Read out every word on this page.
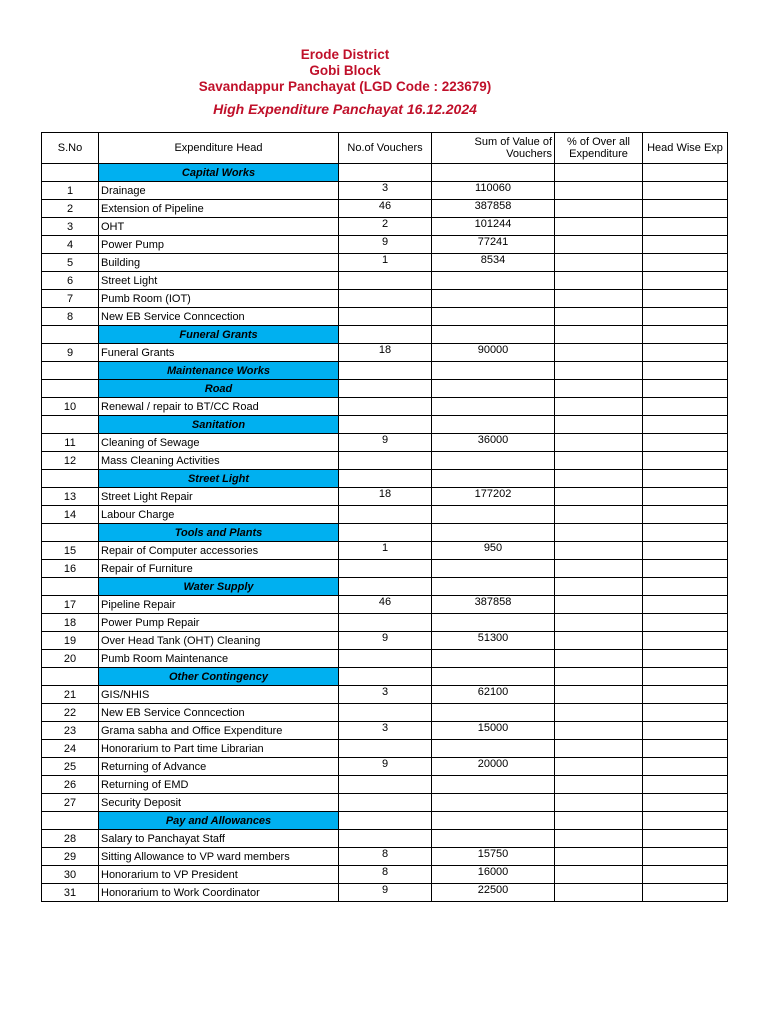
Erode District
Gobi Block
Savandappur Panchayat (LGD Code : 223679)
High Expenditure Panchayat 16.12.2024
S.No	Expenditure Head	No.of Vouchers	Sum of Value of Vouchers	% of Over all Expenditure	Head Wise Exp
	Capital Works				
1	Drainage	3	110060		
2	Extension of Pipeline	46	387858		
3	OHT	2	101244		
4	Power Pump	9	77241		
5	Building	1	8534		
6	Street Light				
7	Pumb Room (IOT)				
8	New EB Service Conncection				
	Funeral Grants				
9	Funeral Grants	18	90000		
	Maintenance Works				
	Road				
10	Renewal / repair to BT/CC Road				
	Sanitation				
11	Cleaning of Sewage	9	36000		
12	Mass Cleaning Activities				
	Street Light				
13	Street Light Repair	18	177202		
14	Labour Charge				
	Tools and Plants				
15	Repair of Computer accessories	1	950		
16	Repair of Furniture				
	Water Supply				
17	Pipeline Repair	46	387858		
18	Power Pump Repair				
19	Over Head Tank (OHT) Cleaning	9	51300		
20	Pumb Room Maintenance				
	Other Contingency				
21	GIS/NHIS	3	62100		
22	New EB Service Conncection				
23	Grama sabha and Office Expenditure	3	15000		
24	Honorarium to Part time Librarian				
25	Returning of Advance	9	20000		
26	Returning of EMD				
27	Security Deposit				
	Pay and Allowances				
28	Salary to Panchayat Staff				
29	Sitting Allowance to VP ward members	8	15750		
30	Honorarium to VP President	8	16000		
31	Honorarium to Work Coordinator	9	22500		
